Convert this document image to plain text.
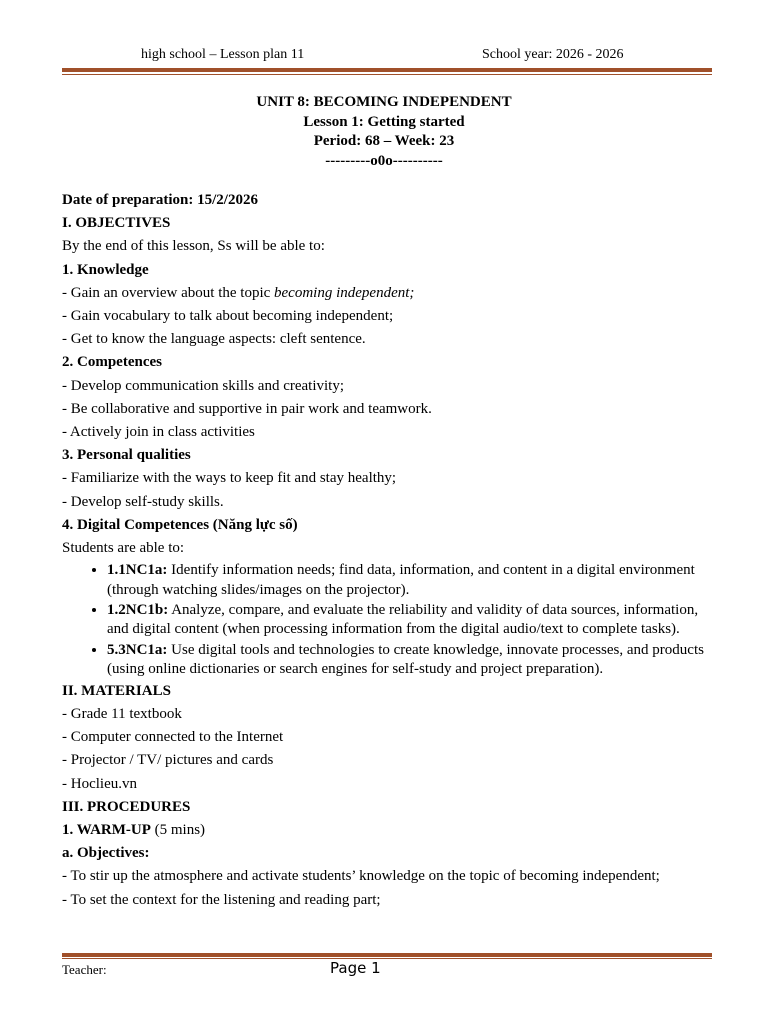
high school – Lesson plan 11	School year: 2026 - 2026
UNIT 8: BECOMING INDEPENDENT
Lesson 1: Getting started
Period: 68 – Week: 23
---------o0o----------

Date of preparation: 15/2/2026

I. OBJECTIVES

By the end of this lesson, Ss will be able to:

1. Knowledge

- Gain an overview about the topic becoming independent;

- Gain vocabulary to talk about becoming independent;

- Get to know the language aspects: cleft sentence.

2. Competences

- Develop communication skills and creativity;

- Be collaborative and supportive in pair work and teamwork.

- Actively join in class activities

3. Personal qualities

- Familiarize with the ways to keep fit and stay healthy;

- Develop self-study skills.

4. Digital Competences (Năng lực số)

Students are able to:

• 1.1NC1a: Identify information needs; find data, information, and content in a digital environment (through watching slides/images on the projector).
• 1.2NC1b: Analyze, compare, and evaluate the reliability and validity of data sources, information, and digital content (when processing information from the digital audio/text to complete tasks).
• 5.3NC1a: Use digital tools and technologies to create knowledge, innovate processes, and products (using online dictionaries or search engines for self-study and project preparation).

II. MATERIALS

- Grade 11 textbook

- Computer connected to the Internet

- Projector / TV/ pictures and cards

- Hoclieu.vn

III. PROCEDURES

1. WARM-UP (5 mins)

a. Objectives:

- To stir up the atmosphere and activate students’ knowledge on the topic of becoming independent;

- To set the context for the listening and reading part;

Teacher:	Page 1
